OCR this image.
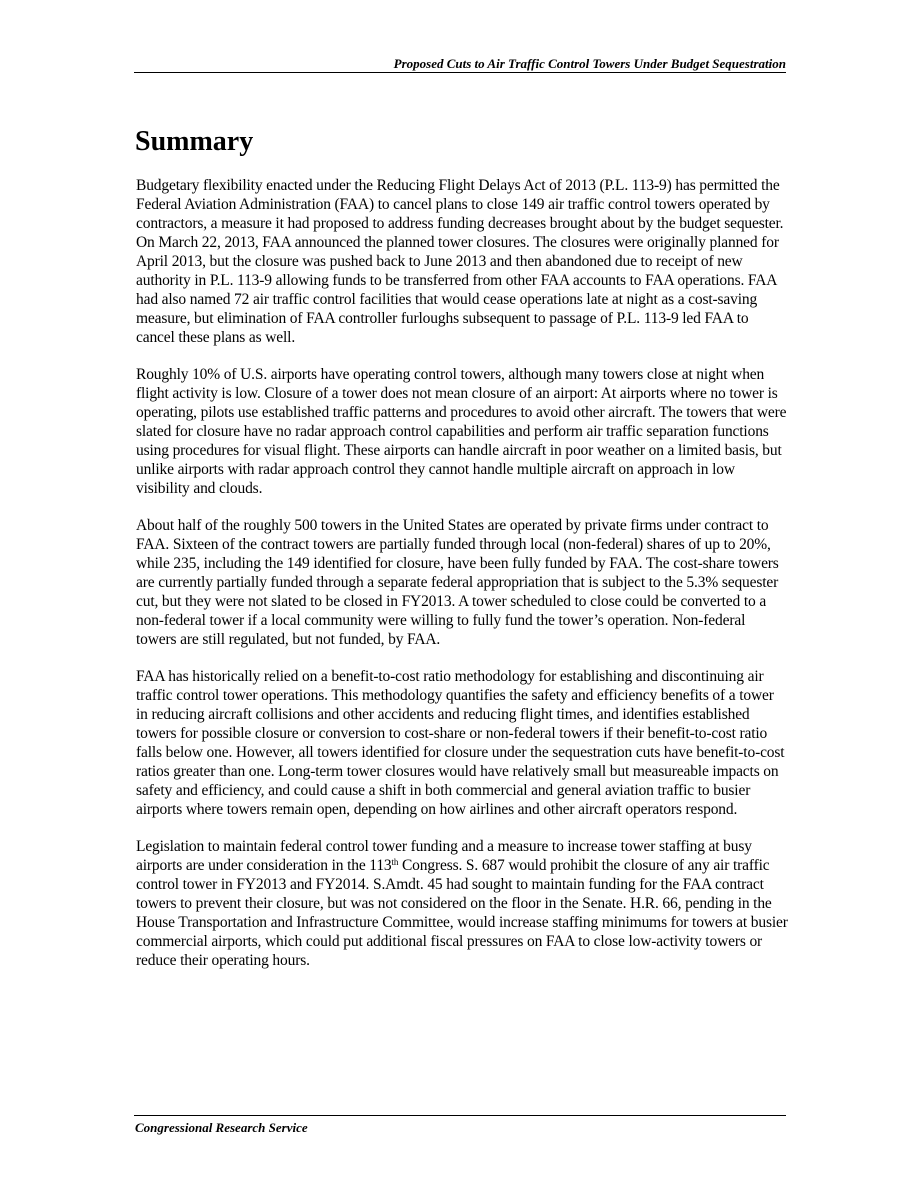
Proposed Cuts to Air Traffic Control Towers Under Budget Sequestration
Summary

Budgetary flexibility enacted under the Reducing Flight Delays Act of 2013 (P.L. 113-9) has permitted the Federal Aviation Administration (FAA) to cancel plans to close 149 air traffic control towers operated by contractors, a measure it had proposed to address funding decreases brought about by the budget sequester. On March 22, 2013, FAA announced the planned tower closures. The closures were originally planned for April 2013, but the closure was pushed back to June 2013 and then abandoned due to receipt of new authority in P.L. 113-9 allowing funds to be transferred from other FAA accounts to FAA operations. FAA had also named 72 air traffic control facilities that would cease operations late at night as a cost-saving measure, but elimination of FAA controller furloughs subsequent to passage of P.L. 113-9 led FAA to cancel these plans as well.

Roughly 10% of U.S. airports have operating control towers, although many towers close at night when flight activity is low. Closure of a tower does not mean closure of an airport: At airports where no tower is operating, pilots use established traffic patterns and procedures to avoid other aircraft. The towers that were slated for closure have no radar approach control capabilities and perform air traffic separation functions using procedures for visual flight. These airports can handle aircraft in poor weather on a limited basis, but unlike airports with radar approach control they cannot handle multiple aircraft on approach in low visibility and clouds.

About half of the roughly 500 towers in the United States are operated by private firms under contract to FAA. Sixteen of the contract towers are partially funded through local (non-federal) shares of up to 20%, while 235, including the 149 identified for closure, have been fully funded by FAA. The cost-share towers are currently partially funded through a separate federal appropriation that is subject to the 5.3% sequester cut, but they were not slated to be closed in FY2013. A tower scheduled to close could be converted to a non-federal tower if a local community were willing to fully fund the tower’s operation. Non-federal towers are still regulated, but not funded, by FAA.

FAA has historically relied on a benefit-to-cost ratio methodology for establishing and discontinuing air traffic control tower operations. This methodology quantifies the safety and efficiency benefits of a tower in reducing aircraft collisions and other accidents and reducing flight times, and identifies established towers for possible closure or conversion to cost-share or non-federal towers if their benefit-to-cost ratio falls below one. However, all towers identified for closure under the sequestration cuts have benefit-to-cost ratios greater than one. Long-term tower closures would have relatively small but measureable impacts on safety and efficiency, and could cause a shift in both commercial and general aviation traffic to busier airports where towers remain open, depending on how airlines and other aircraft operators respond.

Legislation to maintain federal control tower funding and a measure to increase tower staffing at busy airports are under consideration in the 113th Congress. S. 687 would prohibit the closure of any air traffic control tower in FY2013 and FY2014. S.Amdt. 45 had sought to maintain funding for the FAA contract towers to prevent their closure, but was not considered on the floor in the Senate. H.R. 66, pending in the House Transportation and Infrastructure Committee, would increase staffing minimums for towers at busier commercial airports, which could put additional fiscal pressures on FAA to close low-activity towers or reduce their operating hours.

Congressional Research Service
